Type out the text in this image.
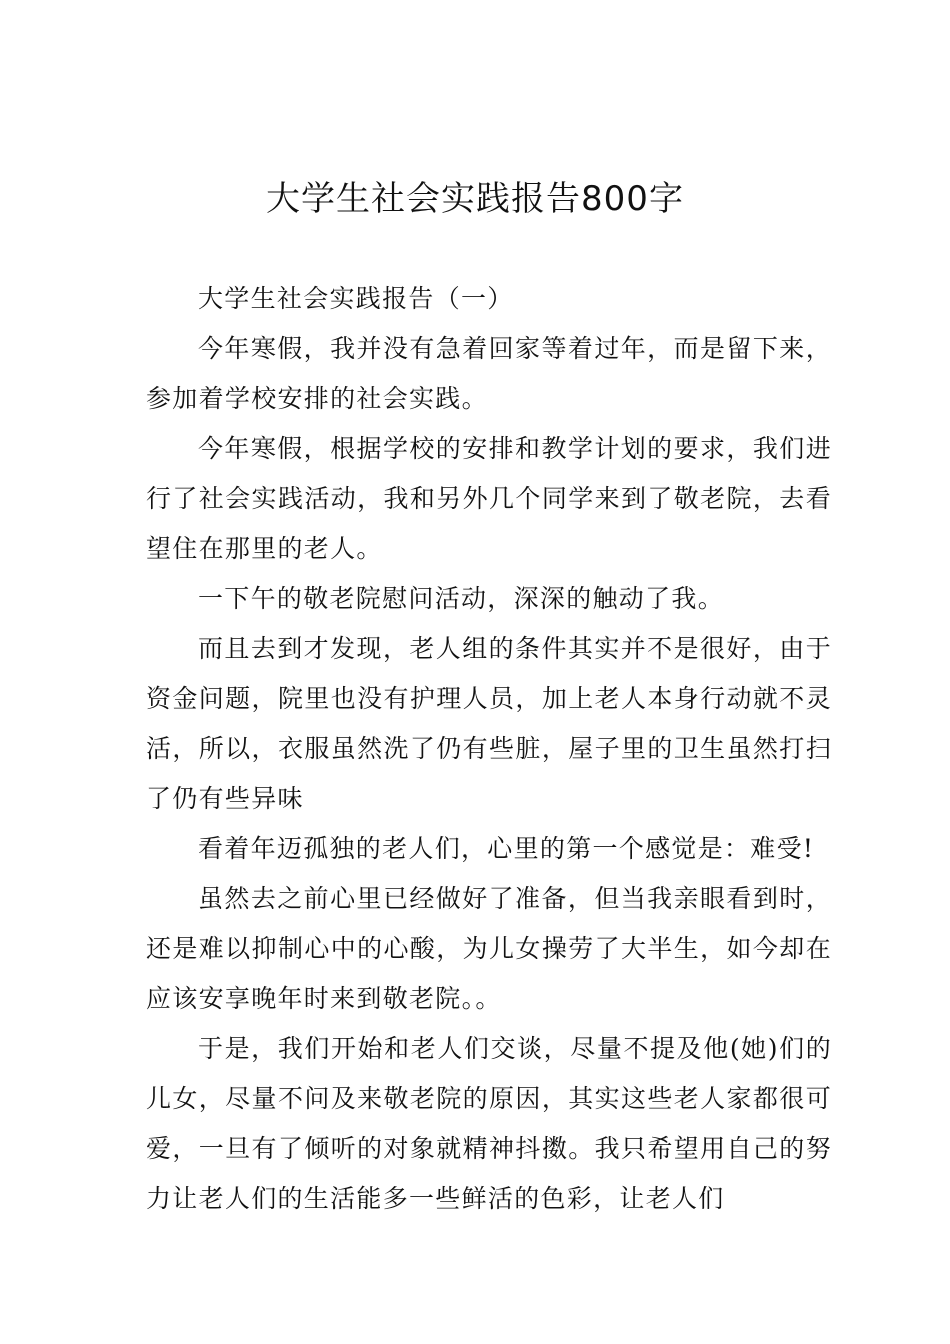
大学生社会实践报告800字

大学生社会实践报告（一）

今年寒假，我并没有急着回家等着过年，而是留下来，参加着学校安排的社会实践。

今年寒假，根据学校的安排和教学计划的要求，我们进行了社会实践活动，我和另外几个同学来到了敬老院，去看望住在那里的老人。

一下午的敬老院慰问活动，深深的触动了我。

而且去到才发现，老人组的条件其实并不是很好，由于资金问题，院里也没有护理人员，加上老人本身行动就不灵活，所以，衣服虽然洗了仍有些脏，屋子里的卫生虽然打扫了仍有些异味

看着年迈孤独的老人们，心里的第一个感觉是：难受!

虽然去之前心里已经做好了准备，但当我亲眼看到时，还是难以抑制心中的心酸，为儿女操劳了大半生，如今却在应该安享晚年时来到敬老院。。

于是，我们开始和老人们交谈，尽量不提及他(她)们的儿女，尽量不问及来敬老院的原因，其实这些老人家都很可爱，一旦有了倾听的对象就精神抖擞。我只希望用自己的努力让老人们的生活能多一些鲜活的色彩，让老人们
